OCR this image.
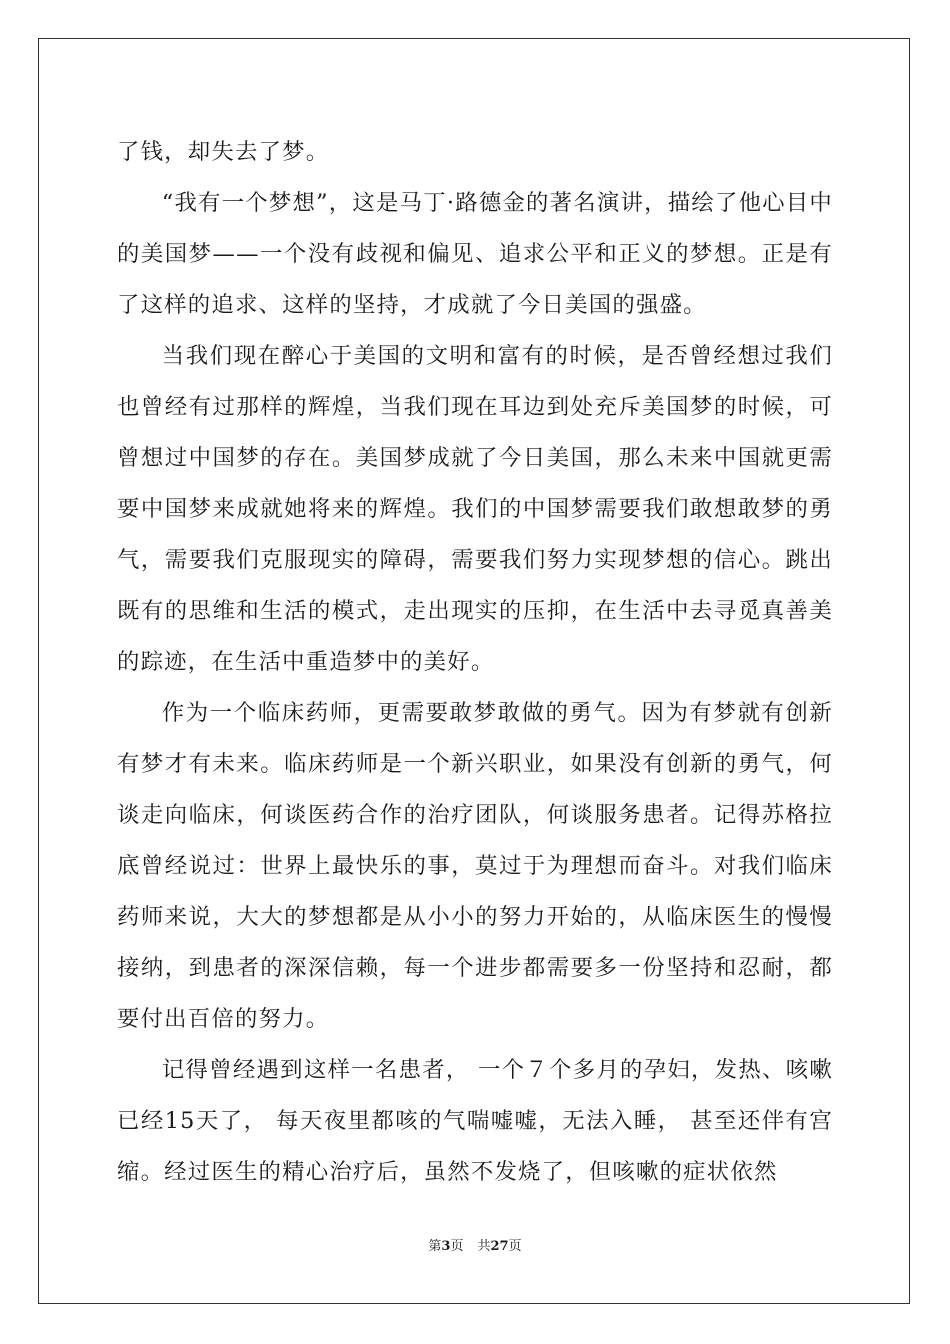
了钱，却失去了梦。

“我有一个梦想”，这是马丁·路德金的著名演讲，描绘了他心目中的美国梦——一个没有歧视和偏见、追求公平和正义的梦想。正是有了这样的追求、这样的坚持，才成就了今日美国的强盛。

当我们现在醉心于美国的文明和富有的时候，是否曾经想过我们也曾经有过那样的辉煌，当我们现在耳边到处充斥美国梦的时候，可曾想过中国梦的存在。美国梦成就了今日美国，那么未来中国就更需要中国梦来成就她将来的辉煌。我们的中国梦需要我们敢想敢梦的勇气，需要我们克服现实的障碍，需要我们努力实现梦想的信心。跳出既有的思维和生活的模式，走出现实的压抑，在生活中去寻觅真善美的踪迹，在生活中重造梦中的美好。

作为一个临床药师，更需要敢梦敢做的勇气。因为有梦就有创新有梦才有未来。临床药师是一个新兴职业，如果没有创新的勇气，何谈走向临床，何谈医药合作的治疗团队，何谈服务患者。记得苏格拉底曾经说过：世界上最快乐的事，莫过于为理想而奋斗。对我们临床药师来说，大大的梦想都是从小小的努力开始的，从临床医生的慢慢接纳，到患者的深深信赖，每一个进步都需要多一份坚持和忍耐，都要付出百倍的努力。

记得曾经遇到这样一名患者， 一个７个多月的孕妇，发热、咳嗽已经15天了， 每天夜里都咳的气喘嘘嘘，无法入睡， 甚至还伴有宫缩。经过医生的精心治疗后，虽然不发烧了，但咳嗽的症状依然

第3页 共27页
